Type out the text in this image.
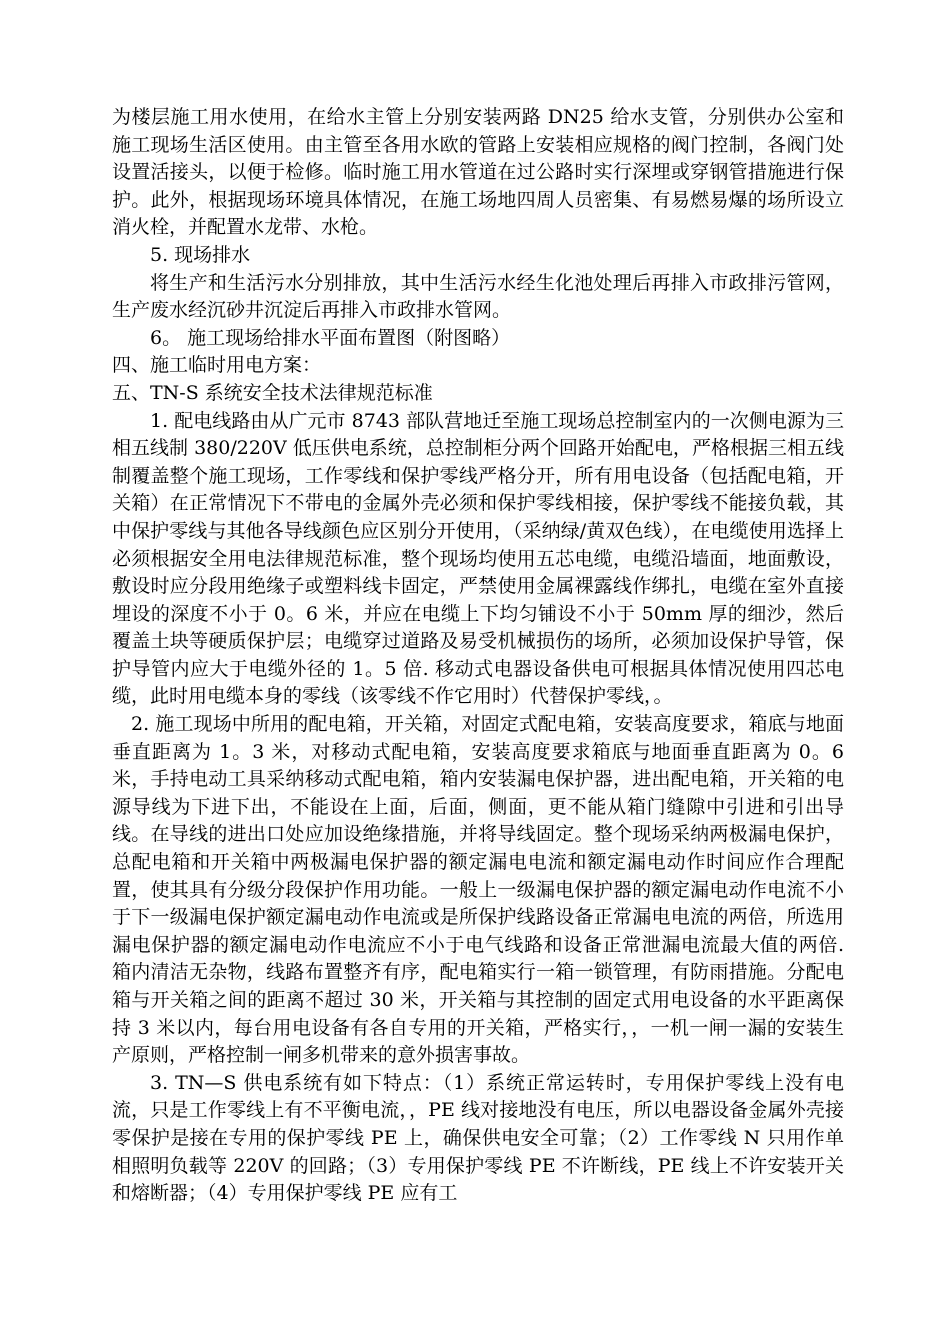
为楼层施工用水使用，在给水主管上分别安装两路 DN25 给水支管，分别供办公室和施工现场生活区使用。由主管至各用水欧的管路上安装相应规格的阀门控制，各阀门处设置活接头，以便于检修。临时施工用水管道在过公路时实行深埋或穿钢管措施进行保护。此外，根据现场环境具体情况，在施工场地四周人员密集、有易燃易爆的场所设立消火栓，并配置水龙带、水枪。

5. 现场排水

将生产和生活污水分别排放，其中生活污水经生化池处理后再排入市政排污管网，生产废水经沉砂井沉淀后再排入市政排水管网。

6。 施工现场给排水平面布置图（附图略）

四、施工临时用电方案：

五、TN-S 系统安全技术法律规范标准

1. 配电线路由从广元市 8743 部队营地迁至施工现场总控制室内的一次侧电源为三相五线制 380/220V 低压供电系统，总控制柜分两个回路开始配电，严格根据三相五线制覆盖整个施工现场，工作零线和保护零线严格分开，所有用电设备（包括配电箱，开关箱）在正常情况下不带电的金属外壳必须和保护零线相接，保护零线不能接负载，其中保护零线与其他各导线颜色应区别分开使用，（采纳绿/黄双色线），在电缆使用选择上必须根据安全用电法律规范标准，整个现场均使用五芯电缆，电缆沿墙面，地面敷设，敷设时应分段用绝缘子或塑料线卡固定，严禁使用金属裸露线作绑扎，电缆在室外直接埋设的深度不小于 0。6 米，并应在电缆上下均匀铺设不小于 50mm 厚的细沙，然后覆盖土块等硬质保护层；电缆穿过道路及易受机械损伤的场所，必须加设保护导管，保护导管内应大于电缆外径的 1。5 倍. 移动式电器设备供电可根据具体情况使用四芯电缆，此时用电缆本身的零线（该零线不作它用时）代替保护零线，。

2. 施工现场中所用的配电箱，开关箱，对固定式配电箱，安装高度要求，箱底与地面垂直距离为 1。3 米，对移动式配电箱，安装高度要求箱底与地面垂直距离为 0。6 米，手持电动工具采纳移动式配电箱，箱内安装漏电保护器，进出配电箱，开关箱的电源导线为下进下出，不能设在上面，后面，侧面，更不能从箱门缝隙中引进和引出导线。在导线的进出口处应加设绝缘措施，并将导线固定。整个现场采纳两极漏电保护，总配电箱和开关箱中两极漏电保护器的额定漏电电流和额定漏电动作时间应作合理配置，使其具有分级分段保护作用功能。一般上一级漏电保护器的额定漏电动作电流不小于下一级漏电保护额定漏电动作电流或是所保护线路设备正常漏电电流的两倍，所选用漏电保护器的额定漏电动作电流应不小于电气线路和设备正常泄漏电流最大值的两倍. 箱内清洁无杂物，线路布置整齐有序，配电箱实行一箱一锁管理，有防雨措施。分配电箱与开关箱之间的距离不超过 30 米，开关箱与其控制的固定式用电设备的水平距离保持 3 米以内，每台用电设备有各自专用的开关箱，严格实行，，一机一闸一漏的安装生产原则，严格控制一闸多机带来的意外损害事故。

3. TN—S 供电系统有如下特点：（1）系统正常运转时，专用保护零线上没有电流，只是工作零线上有不平衡电流，，PE 线对接地没有电压，所以电器设备金属外壳接零保护是接在专用的保护零线 PE 上，确保供电安全可靠；（2）工作零线 N 只用作单相照明负载等 220V 的回路；（3）专用保护零线 PE 不许断线，PE 线上不许安装开关和熔断器；（4）专用保护零线 PE 应有工
